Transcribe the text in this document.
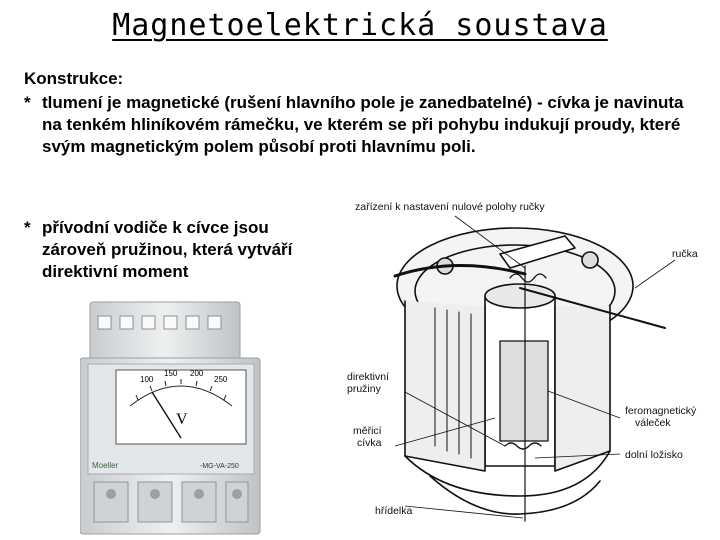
Magnetoelektrická soustava
Konstrukce:
* tlumení je magnetické (rušení hlavního pole je zanedbatelné) - cívka je navinuta na tenkém hliníkovém rámečku, ve kterém se při pohybu indukují proudy, které svým magnetickým polem působí proti hlavnímu poli.
* přívodní vodiče k cívce jsou zároveň pružinou, která vytváří direktivní moment
100
150 200
250
V
Moeller	-MG-VA-250
zařízení k nastavení nulové polohy ručky
ručka
direktivní
pružiny
feromagnetický
váleček
měřicí
cívka
dolní ložisko
hřídelka
